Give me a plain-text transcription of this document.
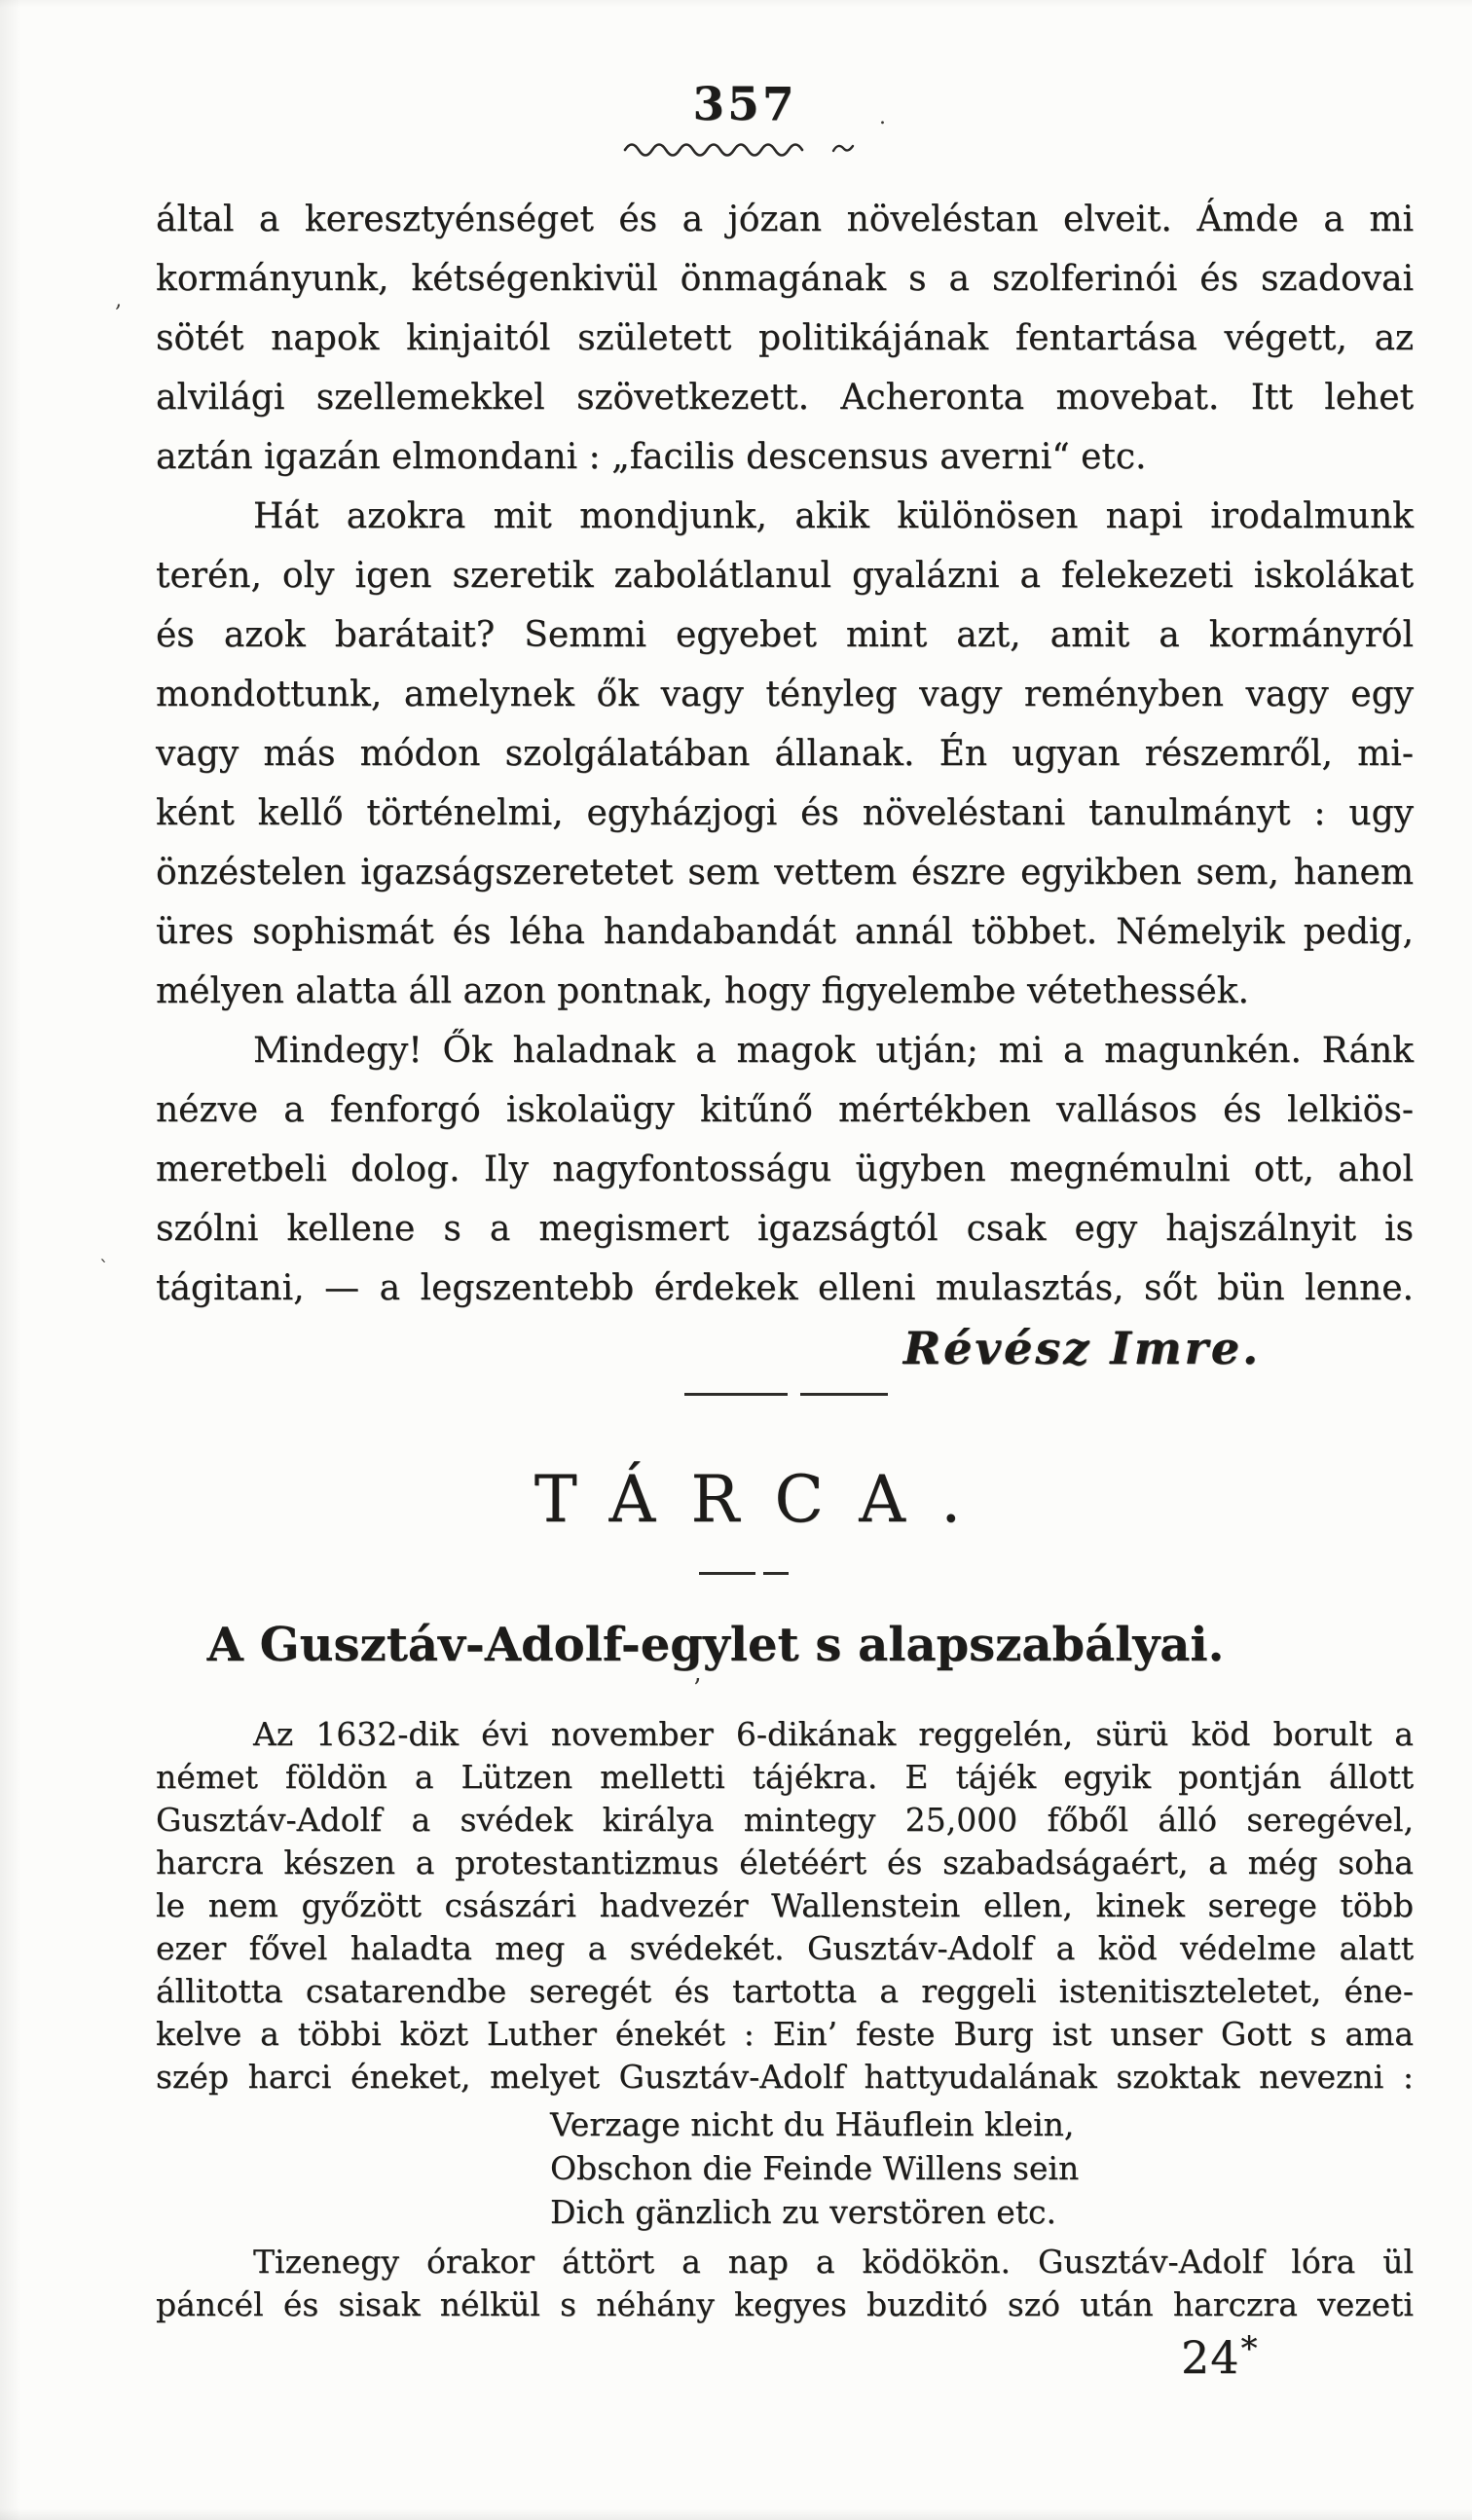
357
által a keresztyénséget és a józan növeléstan elveit. Ámde a mi
kormányunk, kétségenkivül önmagának s a szolferinói és szadovai
sötét napok kinjaitól született politikájának fentartása végett, az
alvilági szellemekkel szövetkezett. Acheronta movebat. Itt lehet
aztán igazán elmondani : „facilis descensus averni“ etc.
Hát azokra mit mondjunk, akik különösen napi irodalmunk
terén, oly igen szeretik zabolátlanul gyalázni a felekezeti iskolákat
és azok barátait? Semmi egyebet mint azt, amit a kormányról
mondottunk, amelynek ők vagy tényleg vagy reményben vagy egy
vagy más módon szolgálatában állanak. Én ugyan részemről, mi-
ként kellő történelmi, egyházjogi és növeléstani tanulmányt : ugy
önzéstelen igazságszeretetet sem vettem észre egyikben sem, hanem
üres sophismát és léha handabandát annál többet. Némelyik pedig,
mélyen alatta áll azon pontnak, hogy figyelembe vétethessék.
Mindegy! Ők haladnak a magok utján; mi a magunkén. Ránk
nézve a fenforgó iskolaügy kitűnő mértékben vallásos és lelkiös-
meretbeli dolog. Ily nagyfontosságu ügyben megnémulni ott, ahol
szólni kellene s a megismert igazságtól csak egy hajszálnyit is
tágitani, — a legszentebb érdekek elleni mulasztás, sőt bün lenne.
Révész Imre.
TÁRCA.
A Gusztáv-Adolf-egylet s alapszabályai.
Az 1632-dik évi november 6-dikának reggelén, sürü köd borult a
német földön a Lützen melletti tájékra. E tájék egyik pontján állott
Gusztáv-Adolf a svédek királya mintegy 25,000 főből álló seregével,
harcra készen a protestantizmus életéért és szabadságaért, a még soha
le nem győzött császári hadvezér Wallenstein ellen, kinek serege több
ezer fővel haladta meg a svédekét. Gusztáv-Adolf a köd védelme alatt
állitotta csatarendbe seregét és tartotta a reggeli istenitiszteletet, éne-
kelve a többi közt Luther énekét : Ein’ feste Burg ist unser Gott s ama
szép harci éneket, melyet Gusztáv-Adolf hattyudalának szoktak nevezni :
Verzage nicht du Häuflein klein,
Obschon die Feinde Willens sein
Dich gänzlich zu verstören etc.
Tizenegy órakor áttört a nap a ködökön. Gusztáv-Adolf lóra ül
páncél és sisak nélkül s néhány kegyes buzditó szó után harczra vezeti
24*
.
‚
’
`
